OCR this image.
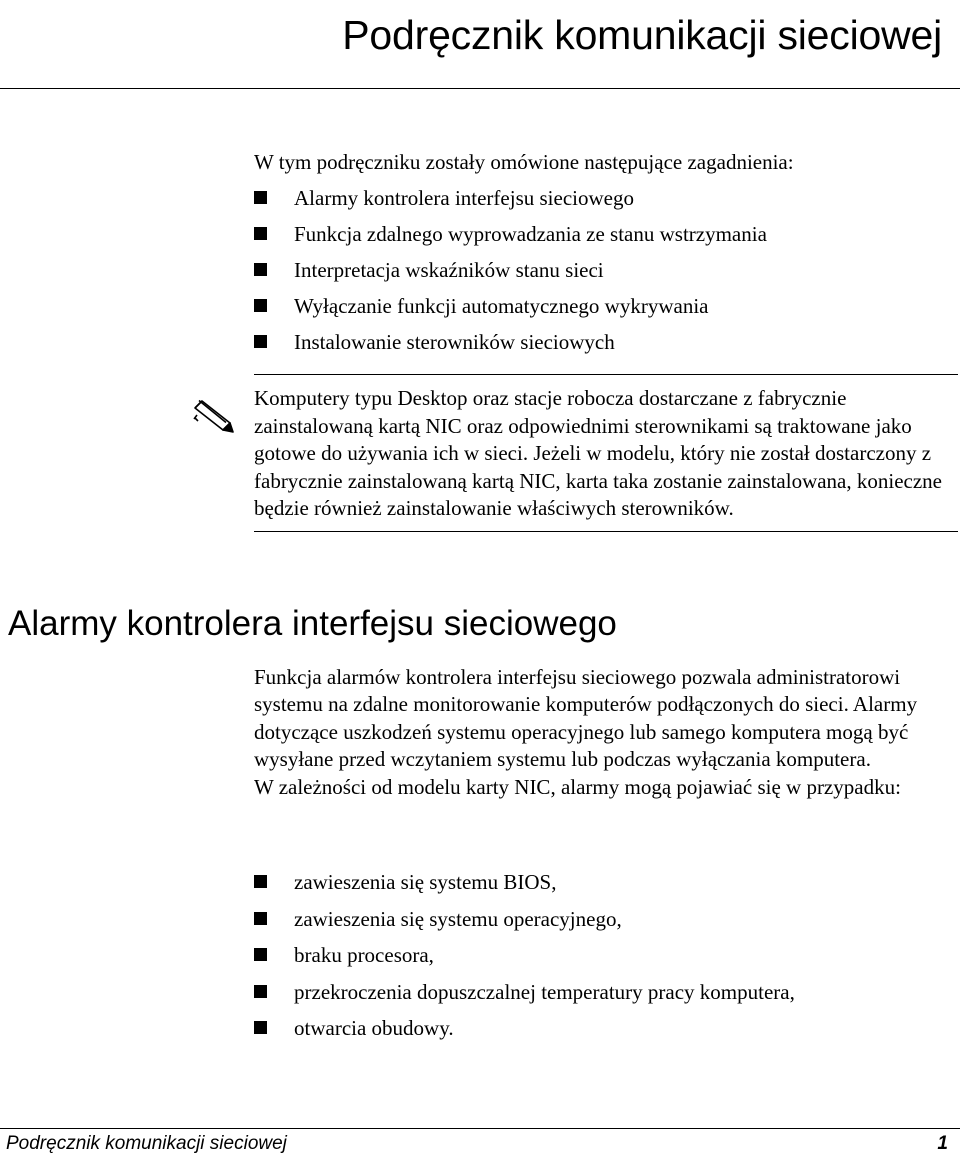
Podręcznik komunikacji sieciowej

W tym podręczniku zostały omówione następujące zagadnienia:

Alarmy kontrolera interfejsu sieciowego
Funkcja zdalnego wyprowadzania ze stanu wstrzymania
Interpretacja wskaźników stanu sieci
Wyłączanie funkcji automatycznego wykrywania
Instalowanie sterowników sieciowych
Komputery typu Desktop oraz stacje robocza dostarczane z fabrycznie zainstalowaną kartą NIC oraz odpowiednimi sterownikami są traktowane jako gotowe do używania ich w sieci. Jeżeli w modelu, który nie został dostarczony z fabrycznie zainstalowaną kartą NIC, karta taka zostanie zainstalowana, konieczne będzie również zainstalowanie właściwych sterowników.
Alarmy kontrolera interfejsu sieciowego

Funkcja alarmów kontrolera interfejsu sieciowego pozwala administratorowi systemu na zdalne monitorowanie komputerów podłączonych do sieci. Alarmy dotyczące uszkodzeń systemu operacyjnego lub samego komputera mogą być wysyłane przed wczytaniem systemu lub podczas wyłączania komputera.

W zależności od modelu karty NIC, alarmy mogą pojawiać się w przypadku:

zawieszenia się systemu BIOS,
zawieszenia się systemu operacyjnego,
braku procesora,
przekroczenia dopuszczalnej temperatury pracy komputera,
otwarcia obudowy.
Podręcznik komunikacji sieciowej	1
